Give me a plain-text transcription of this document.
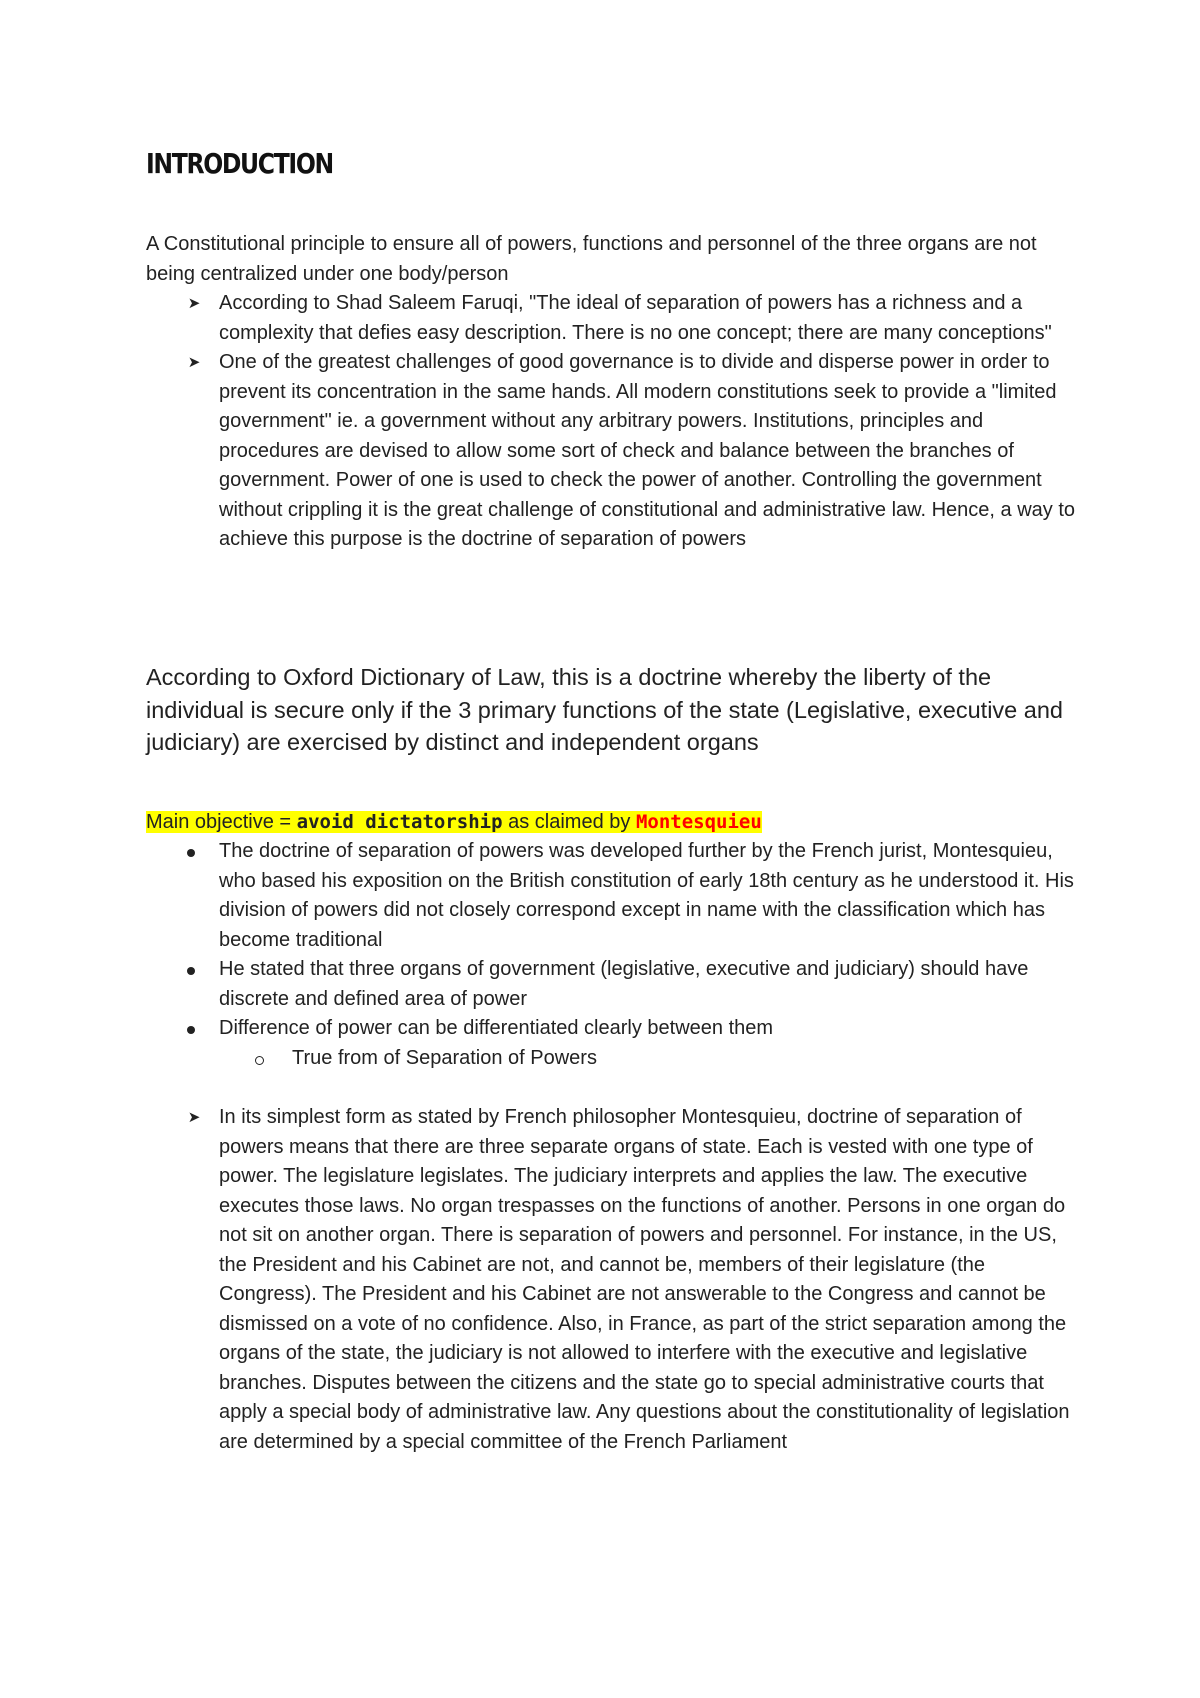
INTRODUCTION

A Constitutional principle to ensure all of powers, functions and personnel of the three organs are not being centralized under one body/person

➤ According to Shad Saleem Faruqi, "The ideal of separation of powers has a richness and a complexity that defies easy description. There is no one concept; there are many conceptions"
➤ One of the greatest challenges of good governance is to divide and disperse power in order to prevent its concentration in the same hands. All modern constitutions seek to provide a "limited government" ie. a government without any arbitrary powers. Institutions, principles and procedures are devised to allow some sort of check and balance between the branches of government. Power of one is used to check the power of another. Controlling the government without crippling it is the great challenge of constitutional and administrative law. Hence, a way to achieve this purpose is the doctrine of separation of powers

According to Oxford Dictionary of Law, this is a doctrine whereby the liberty of the individual is secure only if the 3 primary functions of the state (Legislative, executive and judiciary) are exercised by distinct and independent organs

Main objective = avoid dictatorship as claimed by Montesquieu

The doctrine of separation of powers was developed further by the French jurist, Montesquieu, who based his exposition on the British constitution of early 18th century as he understood it. His division of powers did not closely correspond except in name with the classification which has become traditional
He stated that three organs of government (legislative, executive and judiciary) should have discrete and defined area of power
Difference of power can be differentiated clearly between them
True from of Separation of Powers
➤ In its simplest form as stated by French philosopher Montesquieu, doctrine of separation of powers means that there are three separate organs of state. Each is vested with one type of power. The legislature legislates. The judiciary interprets and applies the law. The executive executes those laws. No organ trespasses on the functions of another. Persons in one organ do not sit on another organ. There is separation of powers and personnel. For instance, in the US, the President and his Cabinet are not, and cannot be, members of their legislature (the Congress). The President and his Cabinet are not answerable to the Congress and cannot be dismissed on a vote of no confidence. Also, in France, as part of the strict separation among the organs of the state, the judiciary is not allowed to interfere with the executive and legislative branches. Disputes between the citizens and the state go to special administrative courts that apply a special body of administrative law. Any questions about the constitutionality of legislation are determined by a special committee of the French Parliament
